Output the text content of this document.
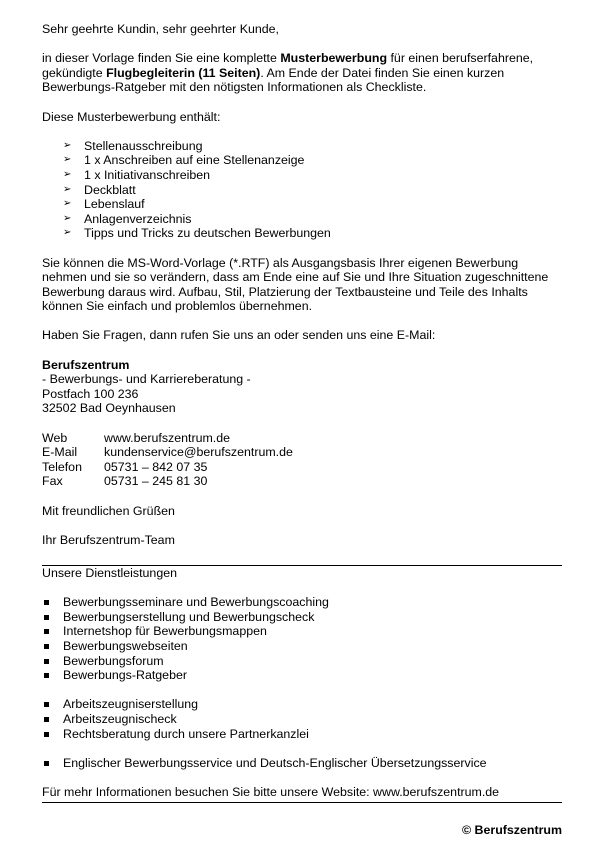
Sehr geehrte Kundin, sehr geehrter Kunde,

in dieser Vorlage finden Sie eine komplette Musterbewerbung für einen berufserfahrene, gekündigte Flugbegleiterin (11 Seiten). Am Ende der Datei finden Sie einen kurzen Bewerbungs-Ratgeber mit den nötigsten Informationen als Checkliste.

Diese Musterbewerbung enthält:

➢ Stellenausschreibung
➢ 1 x Anschreiben auf eine Stellenanzeige
➢ 1 x Initiativanschreiben
➢ Deckblatt
➢ Lebenslauf
➢ Anlagenverzeichnis
➢ Tipps und Tricks zu deutschen Bewerbungen

Sie können die MS-Word-Vorlage (*.RTF) als Ausgangsbasis Ihrer eigenen Bewerbung nehmen und sie so verändern, dass am Ende eine auf Sie und Ihre Situation zugeschnittene Bewerbung daraus wird. Aufbau, Stil, Platzierung der Textbausteine und Teile des Inhalts können Sie einfach und problemlos übernehmen.

Haben Sie Fragen, dann rufen Sie uns an oder senden uns eine E-Mail:

Berufszentrum

- Bewerbungs- und Karriereberatung -

Postfach 100 236

32502 Bad Oeynhausen

Web	www.berufszentrum.de
E-Mail	kundenservice@berufszentrum.de
Telefon	05731 – 842 07 35
Fax	05731 – 245 81 30

Mit freundlichen Grüßen

Ihr Berufszentrum-Team

Unsere Dienstleistungen

Bewerbungsseminare und Bewerbungscoaching
Bewerbungserstellung und Bewerbungscheck
Internetshop für Bewerbungsmappen
Bewerbungswebseiten
Bewerbungsforum
Bewerbungs-Ratgeber
Arbeitszeugniserstellung
Arbeitszeugnischeck
Rechtsberatung durch unsere Partnerkanzlei
Englischer Bewerbungsservice und Deutsch-Englischer Übersetzungsservice

Für mehr Informationen besuchen Sie bitte unsere Website: www.berufszentrum.de

© Berufszentrum
